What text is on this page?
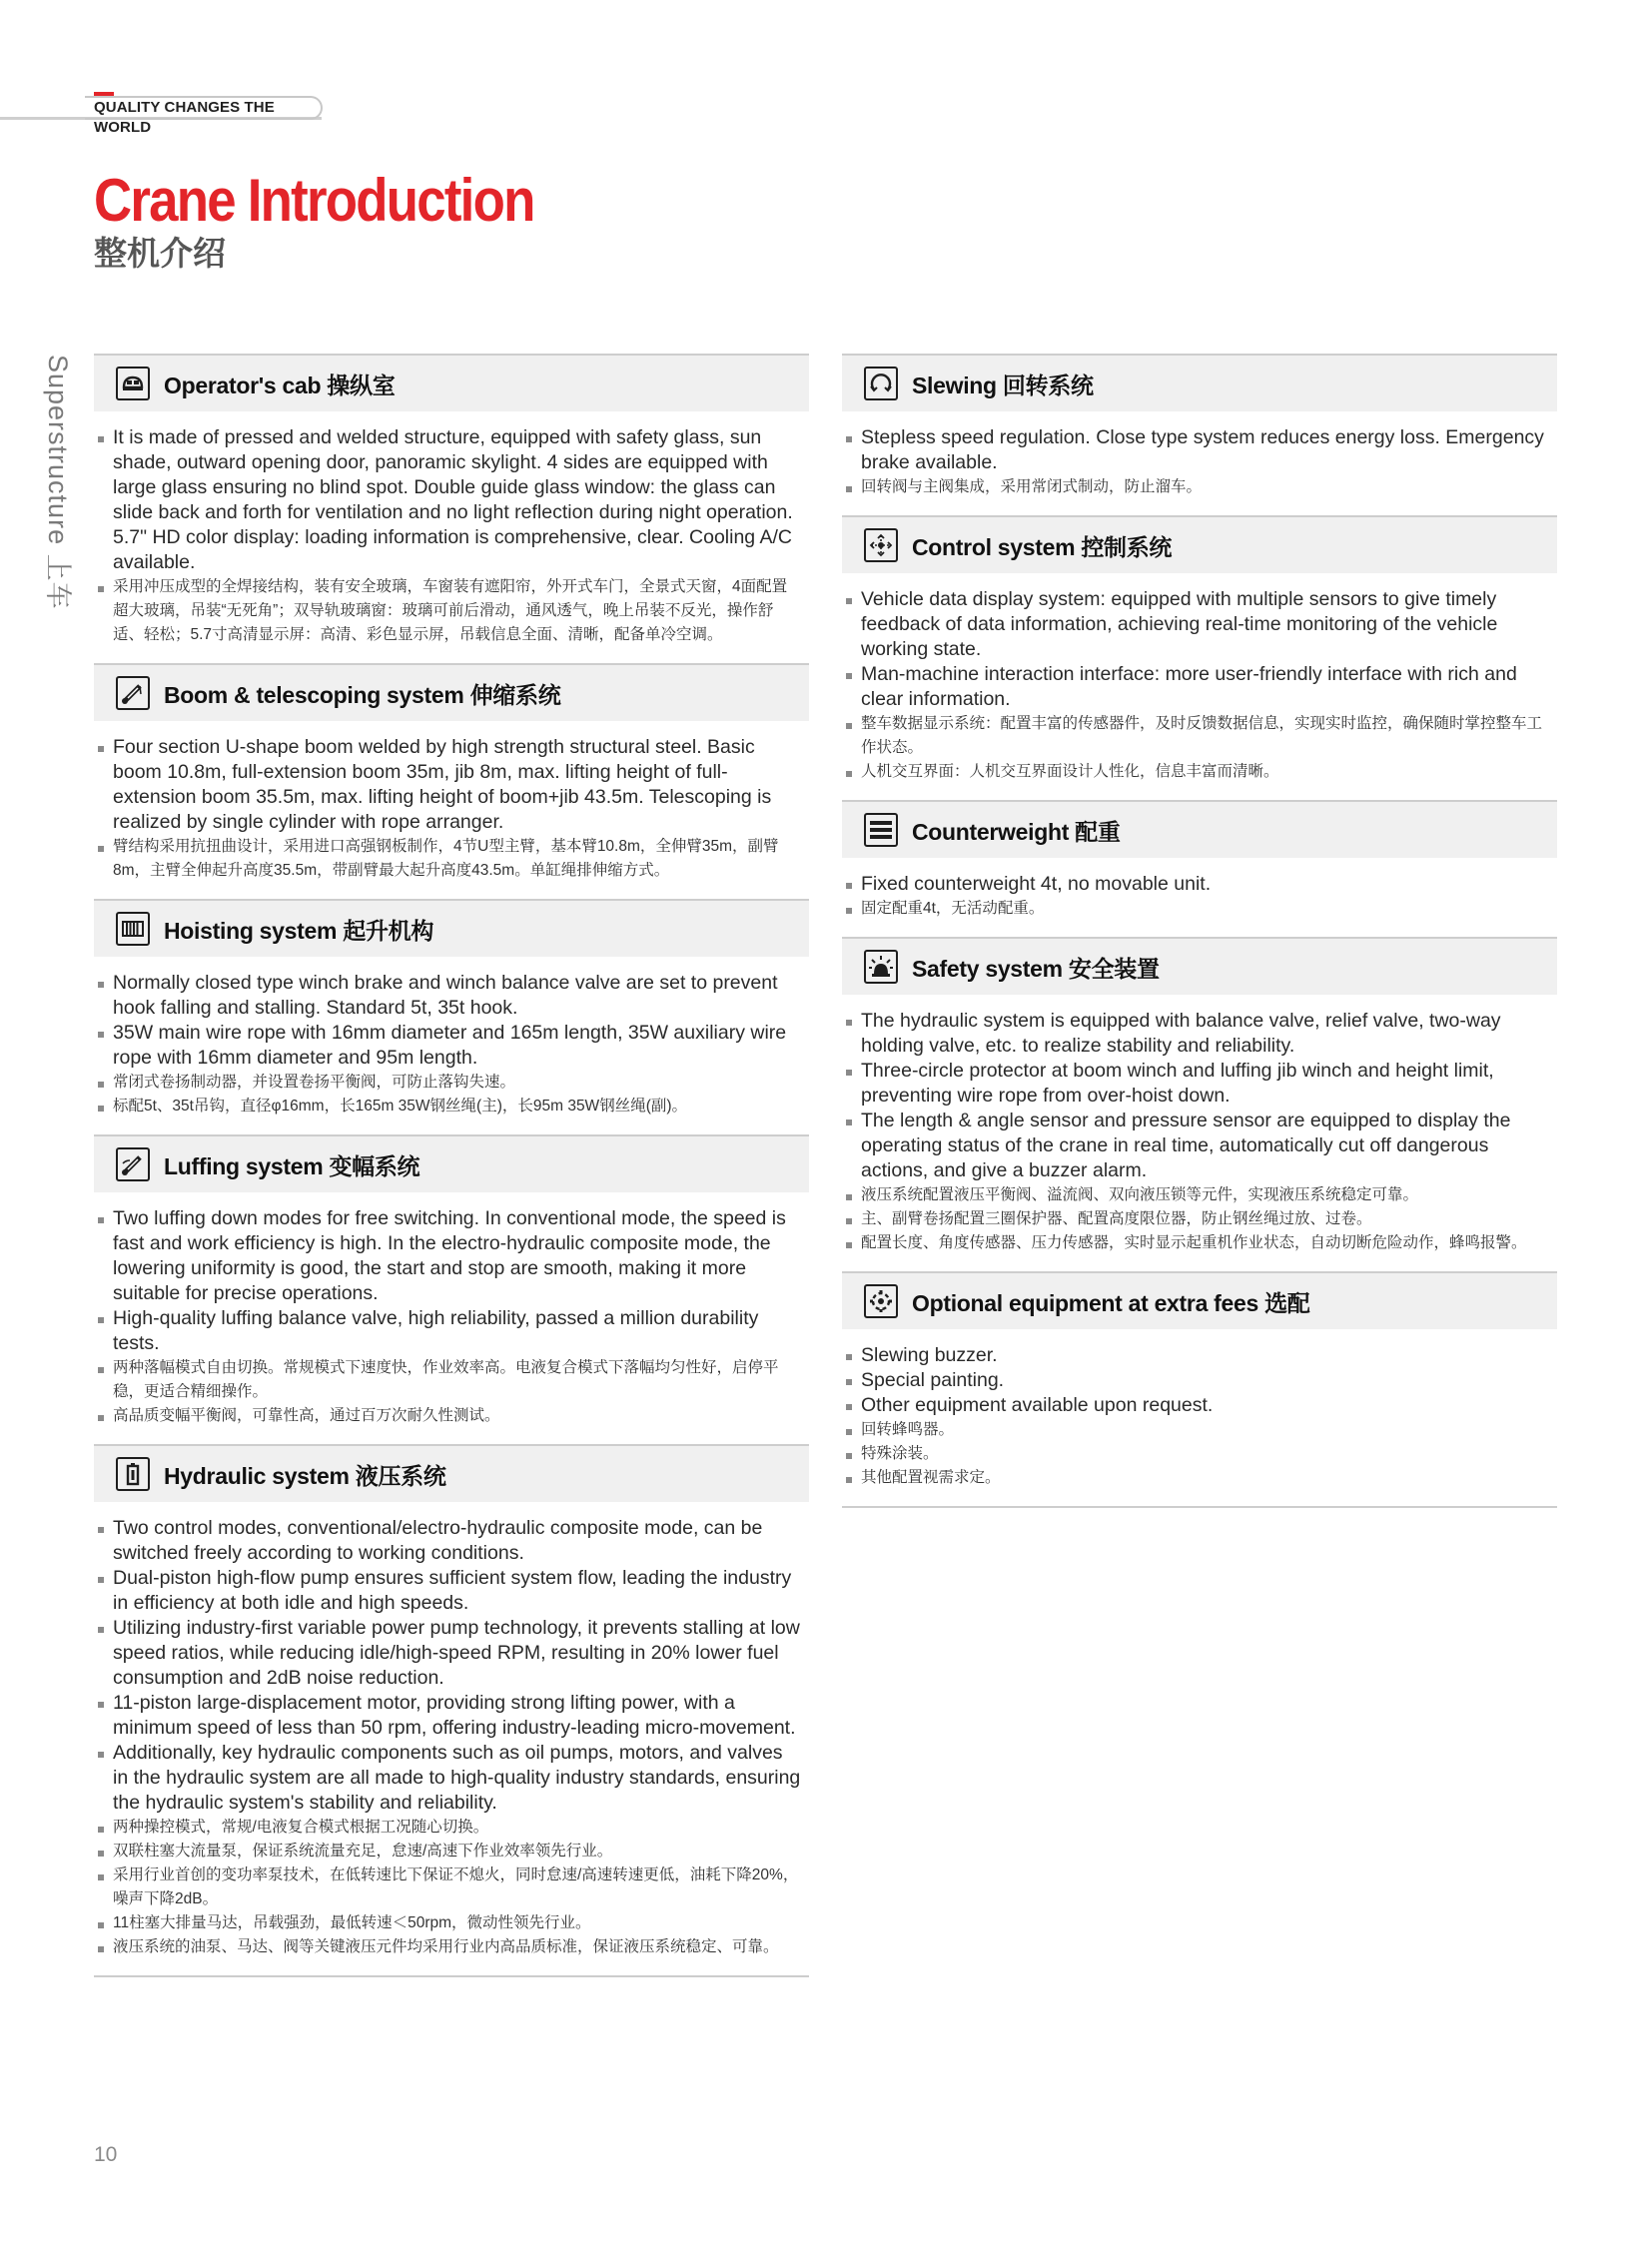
QUALITY CHANGES THE WORLD
Crane Introduction
整机介绍
Superstructure 上车	Operator's cab 操纵室
It is made of pressed and welded structure, equipped with safety glass, sun shade, outward opening door, panoramic skylight. 4 sides are equipped with large glass ensuring no blind spot. Double guide glass window: the glass can slide back and forth for ventilation and no light reflection during night operation. 5.7" HD color display: loading information is comprehensive, clear. Cooling A/C available.
采用冲压成型的全焊接结构，装有安全玻璃，车窗装有遮阳帘，外开式车门，全景式天窗，4面配置超大玻璃，吊装“无死角”；双导轨玻璃窗：玻璃可前后滑动，通风透气，晚上吊装不反光，操作舒适、轻松；5.7寸高清显示屏：高清、彩色显示屏，吊载信息全面、清晰，配备单冷空调。
Boom & telescoping system 伸缩系统
Four section U-shape boom welded by high strength structural steel. Basic boom 10.8m, full-extension boom 35m, jib 8m, max. lifting height of full-extension boom 35.5m, max. lifting height of boom+jib 43.5m. Telescoping is realized by single cylinder with rope arranger.
臂结构采用抗扭曲设计，采用进口高强钢板制作，4节U型主臂，基本臂10.8m，全伸臂35m，副臂8m，主臂全伸起升高度35.5m，带副臂最大起升高度43.5m。单缸绳排伸缩方式。
Hoisting system 起升机构
Normally closed type winch brake and winch balance valve are set to prevent hook falling and stalling. Standard 5t, 35t hook.
35W main wire rope with 16mm diameter and 165m length, 35W auxiliary wire rope with 16mm diameter and 95m length.
常闭式卷扬制动器，并设置卷扬平衡阀，可防止落钩失速。
标配5t、35t吊钩，直径φ16mm，长165m 35W钢丝绳(主)，长95m 35W钢丝绳(副)。
Luffing system 变幅系统
Two luffing down modes for free switching. In conventional mode, the speed is fast and work efficiency is high. In the electro-hydraulic composite mode, the lowering uniformity is good, the start and stop are smooth, making it more suitable for precise operations.
High-quality luffing balance valve, high reliability, passed a million durability tests.
两种落幅模式自由切换。常规模式下速度快，作业效率高。电液复合模式下落幅均匀性好，启停平稳，更适合精细操作。
高品质变幅平衡阀，可靠性高，通过百万次耐久性测试。
Hydraulic system 液压系统
Two control modes, conventional/electro-hydraulic composite mode, can be switched freely according to working conditions.
Dual-piston high-flow pump ensures sufficient system flow, leading the industry in efficiency at both idle and high speeds.
Utilizing industry-first variable power pump technology, it prevents stalling at low speed ratios, while reducing idle/high-speed RPM, resulting in 20% lower fuel consumption and 2dB noise reduction.
11-piston large-displacement motor, providing strong lifting power, with a minimum speed of less than 50 rpm, offering industry-leading micro-movement.
Additionally, key hydraulic components such as oil pumps, motors, and valves in the hydraulic system are all made to high-quality industry standards, ensuring the hydraulic system's stability and reliability.
两种操控模式，常规/电液复合模式根据工况随心切换。
双联柱塞大流量泵，保证系统流量充足，怠速/高速下作业效率领先行业。
采用行业首创的变功率泵技术，在低转速比下保证不熄火，同时怠速/高速转速更低，油耗下降20%，噪声下降2dB。
11柱塞大排量马达，吊载强劲，最低转速＜50rpm，微动性领先行业。
液压系统的油泵、马达、阀等关键液压元件均采用行业内高品质标准，保证液压系统稳定、可靠。
Slewing 回转系统
Stepless speed regulation. Close type system reduces energy loss. Emergency brake available.
回转阀与主阀集成，采用常闭式制动，防止溜车。
Control system 控制系统
Vehicle data display system: equipped with multiple sensors to give timely feedback of data information, achieving real-time monitoring of the vehicle working state.
Man-machine interaction interface: more user-friendly interface with rich and clear information.
整车数据显示系统：配置丰富的传感器件，及时反馈数据信息，实现实时监控，确保随时掌控整车工作状态。
人机交互界面：人机交互界面设计人性化，信息丰富而清晰。
Counterweight 配重
Fixed counterweight 4t, no movable unit.
固定配重4t，无活动配重。
Safety system 安全装置
The hydraulic system is equipped with balance valve, relief valve, two-way holding valve, etc. to realize stability and reliability.
Three-circle protector at boom winch and luffing jib winch and height limit, preventing wire rope from over-hoist down.
The length & angle sensor and pressure sensor are equipped to display the operating status of the crane in real time, automatically cut off dangerous actions, and give a buzzer alarm.
液压系统配置液压平衡阀、溢流阀、双向液压锁等元件，实现液压系统稳定可靠。
主、副臂卷扬配置三圈保护器、配置高度限位器，防止钢丝绳过放、过卷。
配置长度、角度传感器、压力传感器，实时显示起重机作业状态，自动切断危险动作，蜂鸣报警。
Optional equipment at extra fees 选配
Slewing buzzer.
Special painting.
Other equipment available upon request.
回转蜂鸣器。
特殊涂装。
其他配置视需求定。
10
